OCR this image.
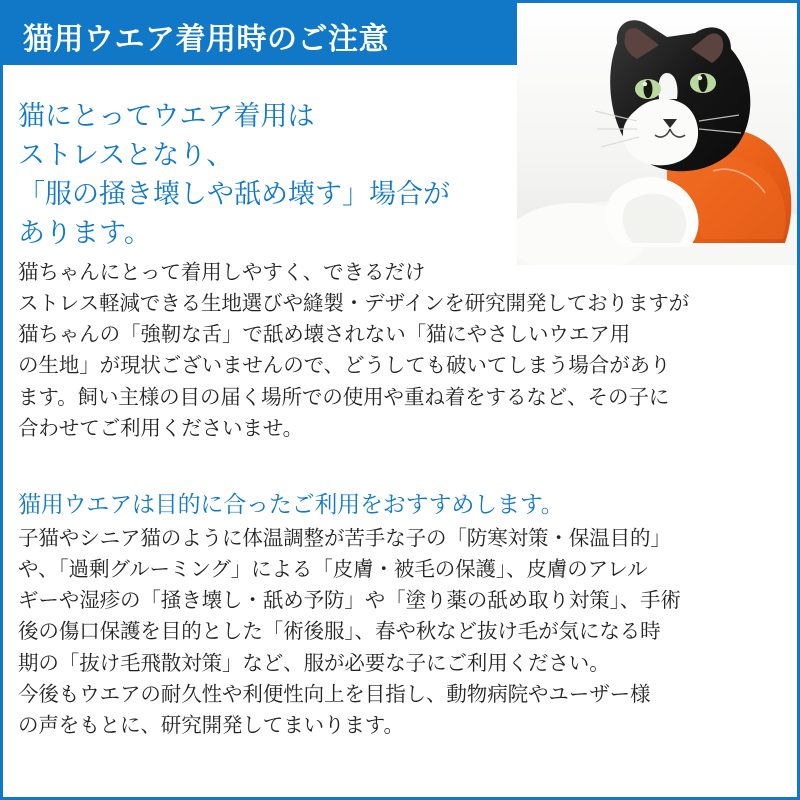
猫用ウエア着用時のご注意

猫にとってウエア着用は
ストレスとなり、
「服の掻き壊しや舐め壊す」場合が
あります。

猫ちゃんにとって着用しやすく、できるだけ
ストレス軽減できる生地選びや縫製・デザインを研究開発しておりますが
猫ちゃんの「強靭な舌」で舐め壊されない「猫にやさしいウエア用
の生地」が現状ございませんので、どうしても破いてしまう場合があり
ます。飼い主様の目の届く場所での使用や重ね着をするなど、その子に
合わせてご利用くださいませ。

猫用ウエアは目的に合ったご利用をおすすめします。

子猫やシニア猫のように体温調整が苦手な子の「防寒対策・保温目的」
や、「過剰グルーミング」による「皮膚・被毛の保護」、皮膚のアレル
ギーや湿疹の「掻き壊し・舐め予防」や「塗り薬の舐め取り対策」、手術
後の傷口保護を目的とした「術後服」、春や秋など抜け毛が気になる時
期の「抜け毛飛散対策」など、服が必要な子にご利用ください。
今後もウエアの耐久性や利便性向上を目指し、動物病院やユーザー様
の声をもとに、研究開発してまいります。
